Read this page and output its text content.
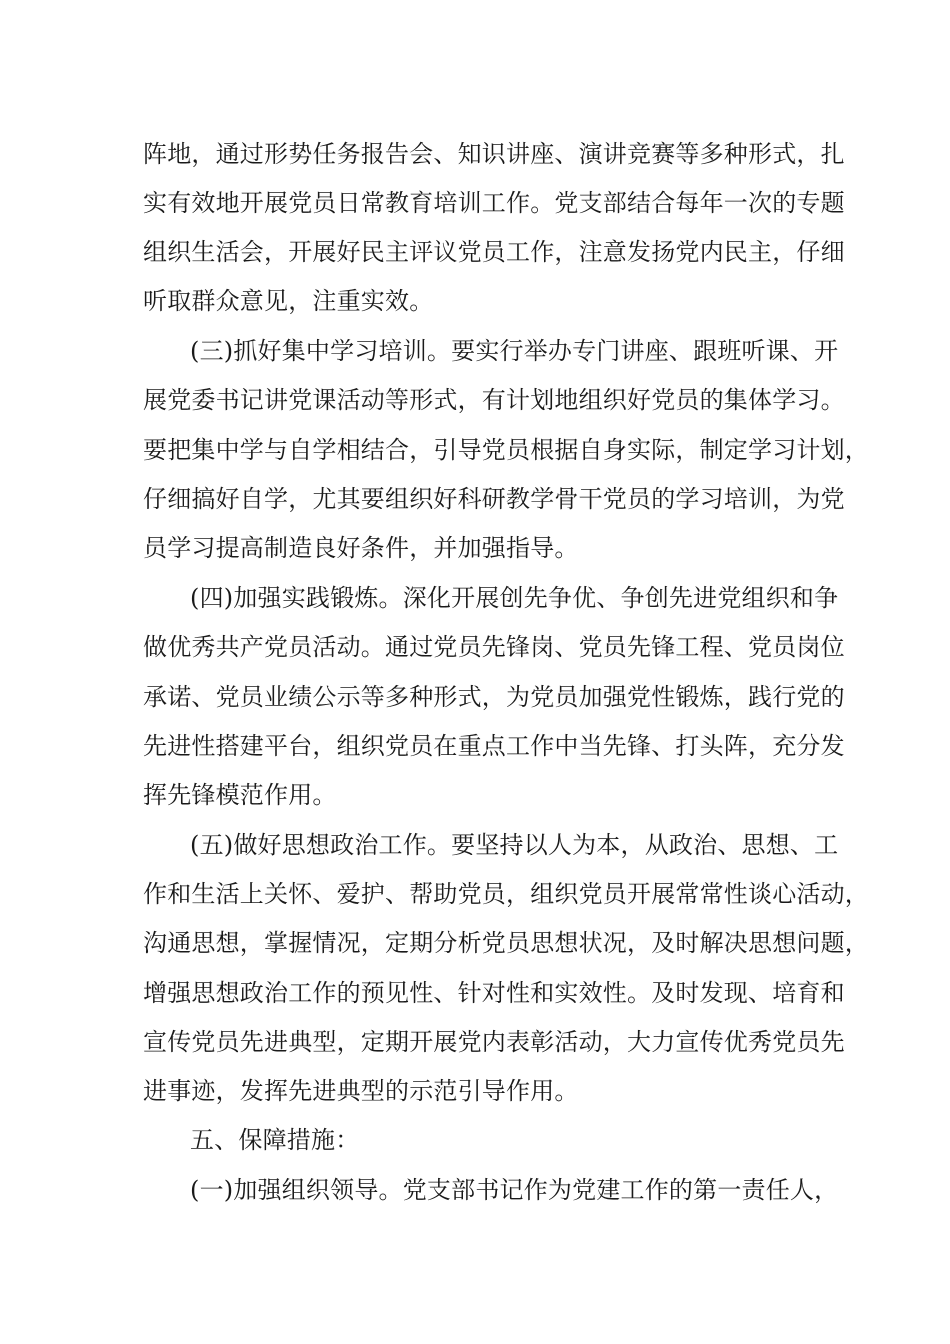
阵地，通过形势任务报告会、知识讲座、演讲竞赛等多种形式，扎
实有效地开展党员日常教育培训工作。党支部结合每年一次的专题
组织生活会，开展好民主评议党员工作，注意发扬党内民主，仔细
听取群众意见，注重实效。
(三)抓好集中学习培训。要实行举办专门讲座、跟班听课、开
展党委书记讲党课活动等形式，有计划地组织好党员的集体学习。
要把集中学与自学相结合，引导党员根据自身实际，制定学习计划，
仔细搞好自学，尤其要组织好科研教学骨干党员的学习培训，为党
员学习提高制造良好条件，并加强指导。
(四)加强实践锻炼。深化开展创先争优、争创先进党组织和争
做优秀共产党员活动。通过党员先锋岗、党员先锋工程、党员岗位
承诺、党员业绩公示等多种形式，为党员加强党性锻炼，践行党的
先进性搭建平台，组织党员在重点工作中当先锋、打头阵，充分发
挥先锋模范作用。
(五)做好思想政治工作。要坚持以人为本，从政治、思想、工
作和生活上关怀、爱护、帮助党员，组织党员开展常常性谈心活动，
沟通思想，掌握情况，定期分析党员思想状况，及时解决思想问题，
增强思想政治工作的预见性、针对性和实效性。及时发现、培育和
宣传党员先进典型，定期开展党内表彰活动，大力宣传优秀党员先
进事迹，发挥先进典型的示范引导作用。
五、保障措施：
(一)加强组织领导。党支部书记作为党建工作的第一责任人，
